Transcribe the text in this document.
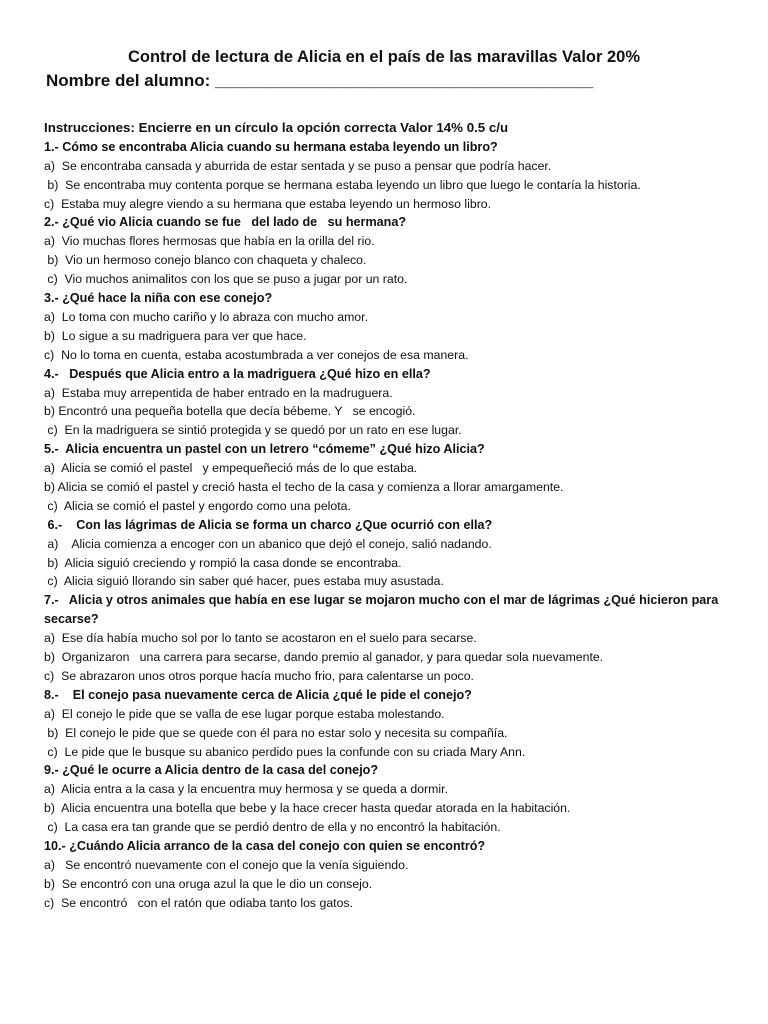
Control de lectura de Alicia en el país de las maravillas Valor 20%
Nombre del alumno: ________________________________________
Instrucciones: Encierre en un círculo la opción correcta Valor 14% 0.5 c/u
1.- Cómo se encontraba Alicia cuando su hermana estaba leyendo un libro?
a)  Se encontraba cansada y aburrida de estar sentada y se puso a pensar que podría hacer.
b)  Se encontraba muy contenta porque se hermana estaba leyendo un libro que luego le contaría la historia.
c)  Estaba muy alegre viendo a su hermana que estaba leyendo un hermoso libro.
2.- ¿Qué vio Alicia cuando se fue   del lado de   su hermana?
a)  Vio muchas flores hermosas que había en la orilla del rio.
b)  Vio un hermoso conejo blanco con chaqueta y chaleco.
c)  Vio muchos animalitos con los que se puso a jugar por un rato.
3.- ¿Qué hace la niña con ese conejo?
a)  Lo toma con mucho cariño y lo abraza con mucho amor.
b)  Lo sigue a su madriguera para ver que hace.
c)  No lo toma en cuenta, estaba acostumbrada a ver conejos de esa manera.
4.-   Después que Alicia entro a la madriguera ¿Qué hizo en ella?
a)  Estaba muy arrepentida de haber entrado en la madruguera.
b) Encontró una pequeña botella que decía bébeme. Y   se encogió.
c)  En la madriguera se sintió protegida y se quedó por un rato en ese lugar.
5.-  Alicia encuentra un pastel con un letrero “cómeme” ¿Qué hizo Alicia?
a)  Alicia se comió el pastel   y empequeñeció más de lo que estaba.
b) Alicia se comió el pastel y creció hasta el techo de la casa y comienza a llorar amargamente.
c)  Alicia se comió el pastel y engordo como una pelota.
6.-    Con las lágrimas de Alicia se forma un charco ¿Que ocurrió con ella?
a)    Alicia comienza a encoger con un abanico que dejó el conejo, salió nadando.
b)  Alicia siguió creciendo y rompió la casa donde se encontraba.
c)  Alicia siguió llorando sin saber qué hacer, pues estaba muy asustada.
7.-   Alicia y otros animales que había en ese lugar se mojaron mucho con el mar de lágrimas ¿Qué hicieron para secarse?
a)  Ese día había mucho sol por lo tanto se acostaron en el suelo para secarse.
b)  Organizaron   una carrera para secarse, dando premio al ganador, y para quedar sola nuevamente.
c)  Se abrazaron unos otros porque hacía mucho frio, para calentarse un poco.
8.-    El conejo pasa nuevamente cerca de Alicia ¿qué le pide el conejo?
a)  El conejo le pide que se valla de ese lugar porque estaba molestando.
b)  El conejo le pide que se quede con él para no estar solo y necesita su compañía.
c)  Le pide que le busque su abanico perdido pues la confunde con su criada Mary Ann.
9.- ¿Qué le ocurre a Alicia dentro de la casa del conejo?
a)  Alicia entra a la casa y la encuentra muy hermosa y se queda a dormir.
b)  Alicia encuentra una botella que bebe y la hace crecer hasta quedar atorada en la habitación.
c)  La casa era tan grande que se perdió dentro de ella y no encontró la habitación.
10.- ¿Cuándo Alicia arranco de la casa del conejo con quien se encontró?
a)   Se encontró nuevamente con el conejo que la venía siguiendo.
b)  Se encontró con una oruga azul la que le dio un consejo.
c)  Se encontró   con el ratón que odiaba tanto los gatos.
